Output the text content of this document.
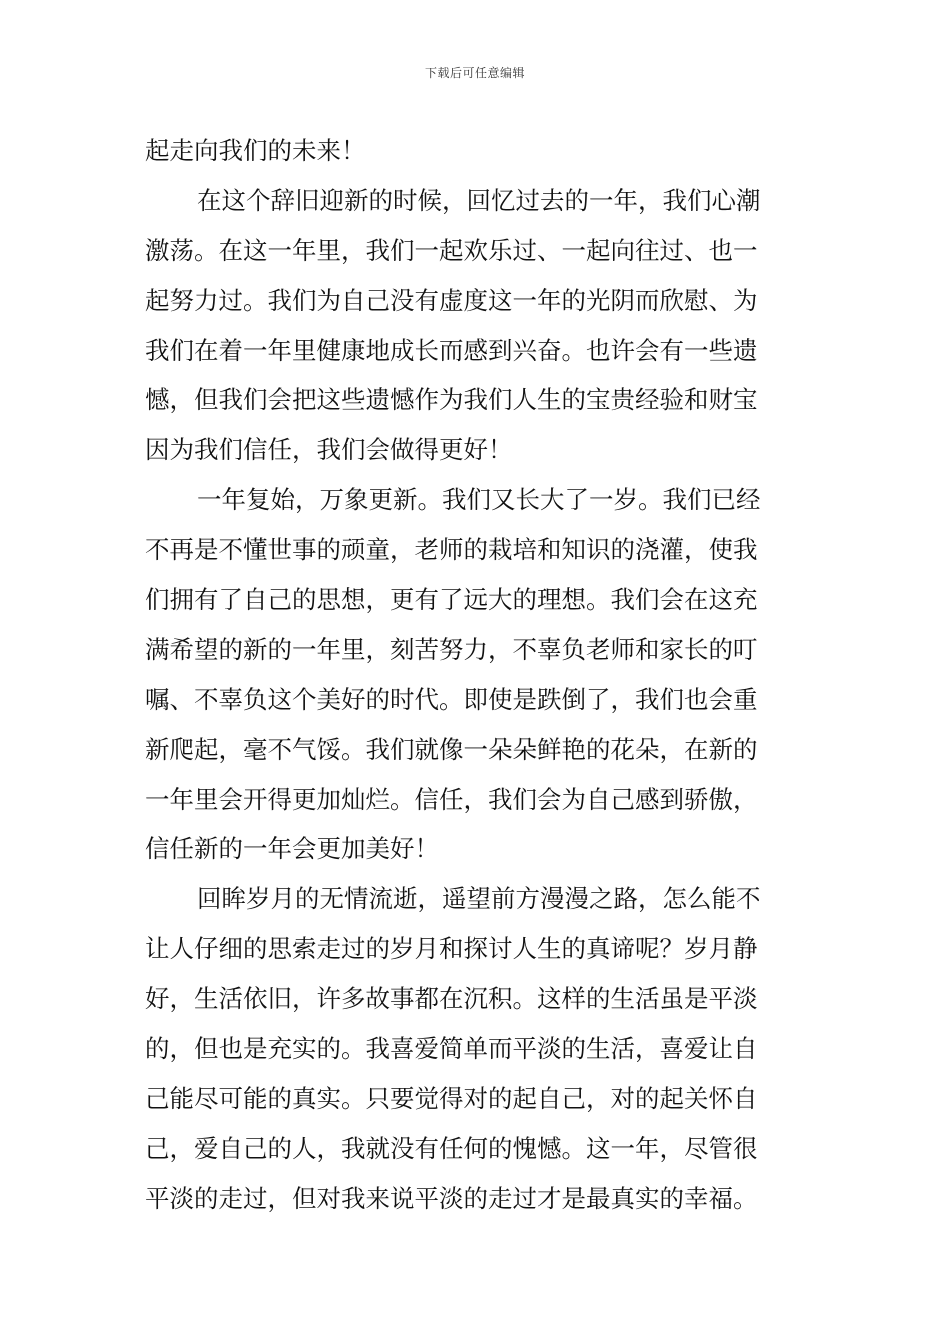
下载后可任意编辑
起走向我们的未来！
在这个辞旧迎新的时候，回忆过去的一年，我们心潮
激荡。在这一年里，我们一起欢乐过、一起向往过、也一
起努力过。我们为自己没有虚度这一年的光阴而欣慰、为
我们在着一年里健康地成长而感到兴奋。也许会有一些遗
憾，但我们会把这些遗憾作为我们人生的宝贵经验和财宝
因为我们信任，我们会做得更好！
一年复始，万象更新。我们又长大了一岁。我们已经
不再是不懂世事的顽童，老师的栽培和知识的浇灌，使我
们拥有了自己的思想，更有了远大的理想。我们会在这充
满希望的新的一年里，刻苦努力，不辜负老师和家长的叮
嘱、不辜负这个美好的时代。即使是跌倒了，我们也会重
新爬起，毫不气馁。我们就像一朵朵鲜艳的花朵，在新的
一年里会开得更加灿烂。信任，我们会为自己感到骄傲，
信任新的一年会更加美好！
回眸岁月的无情流逝，遥望前方漫漫之路，怎么能不
让人仔细的思索走过的岁月和探讨人生的真谛呢？岁月静
好，生活依旧，许多故事都在沉积。这样的生活虽是平淡
的，但也是充实的。我喜爱简单而平淡的生活，喜爱让自
己能尽可能的真实。只要觉得对的起自己，对的起关怀自
己，爱自己的人，我就没有任何的愧憾。这一年，尽管很
平淡的走过，但对我来说平淡的走过才是最真实的幸福。
